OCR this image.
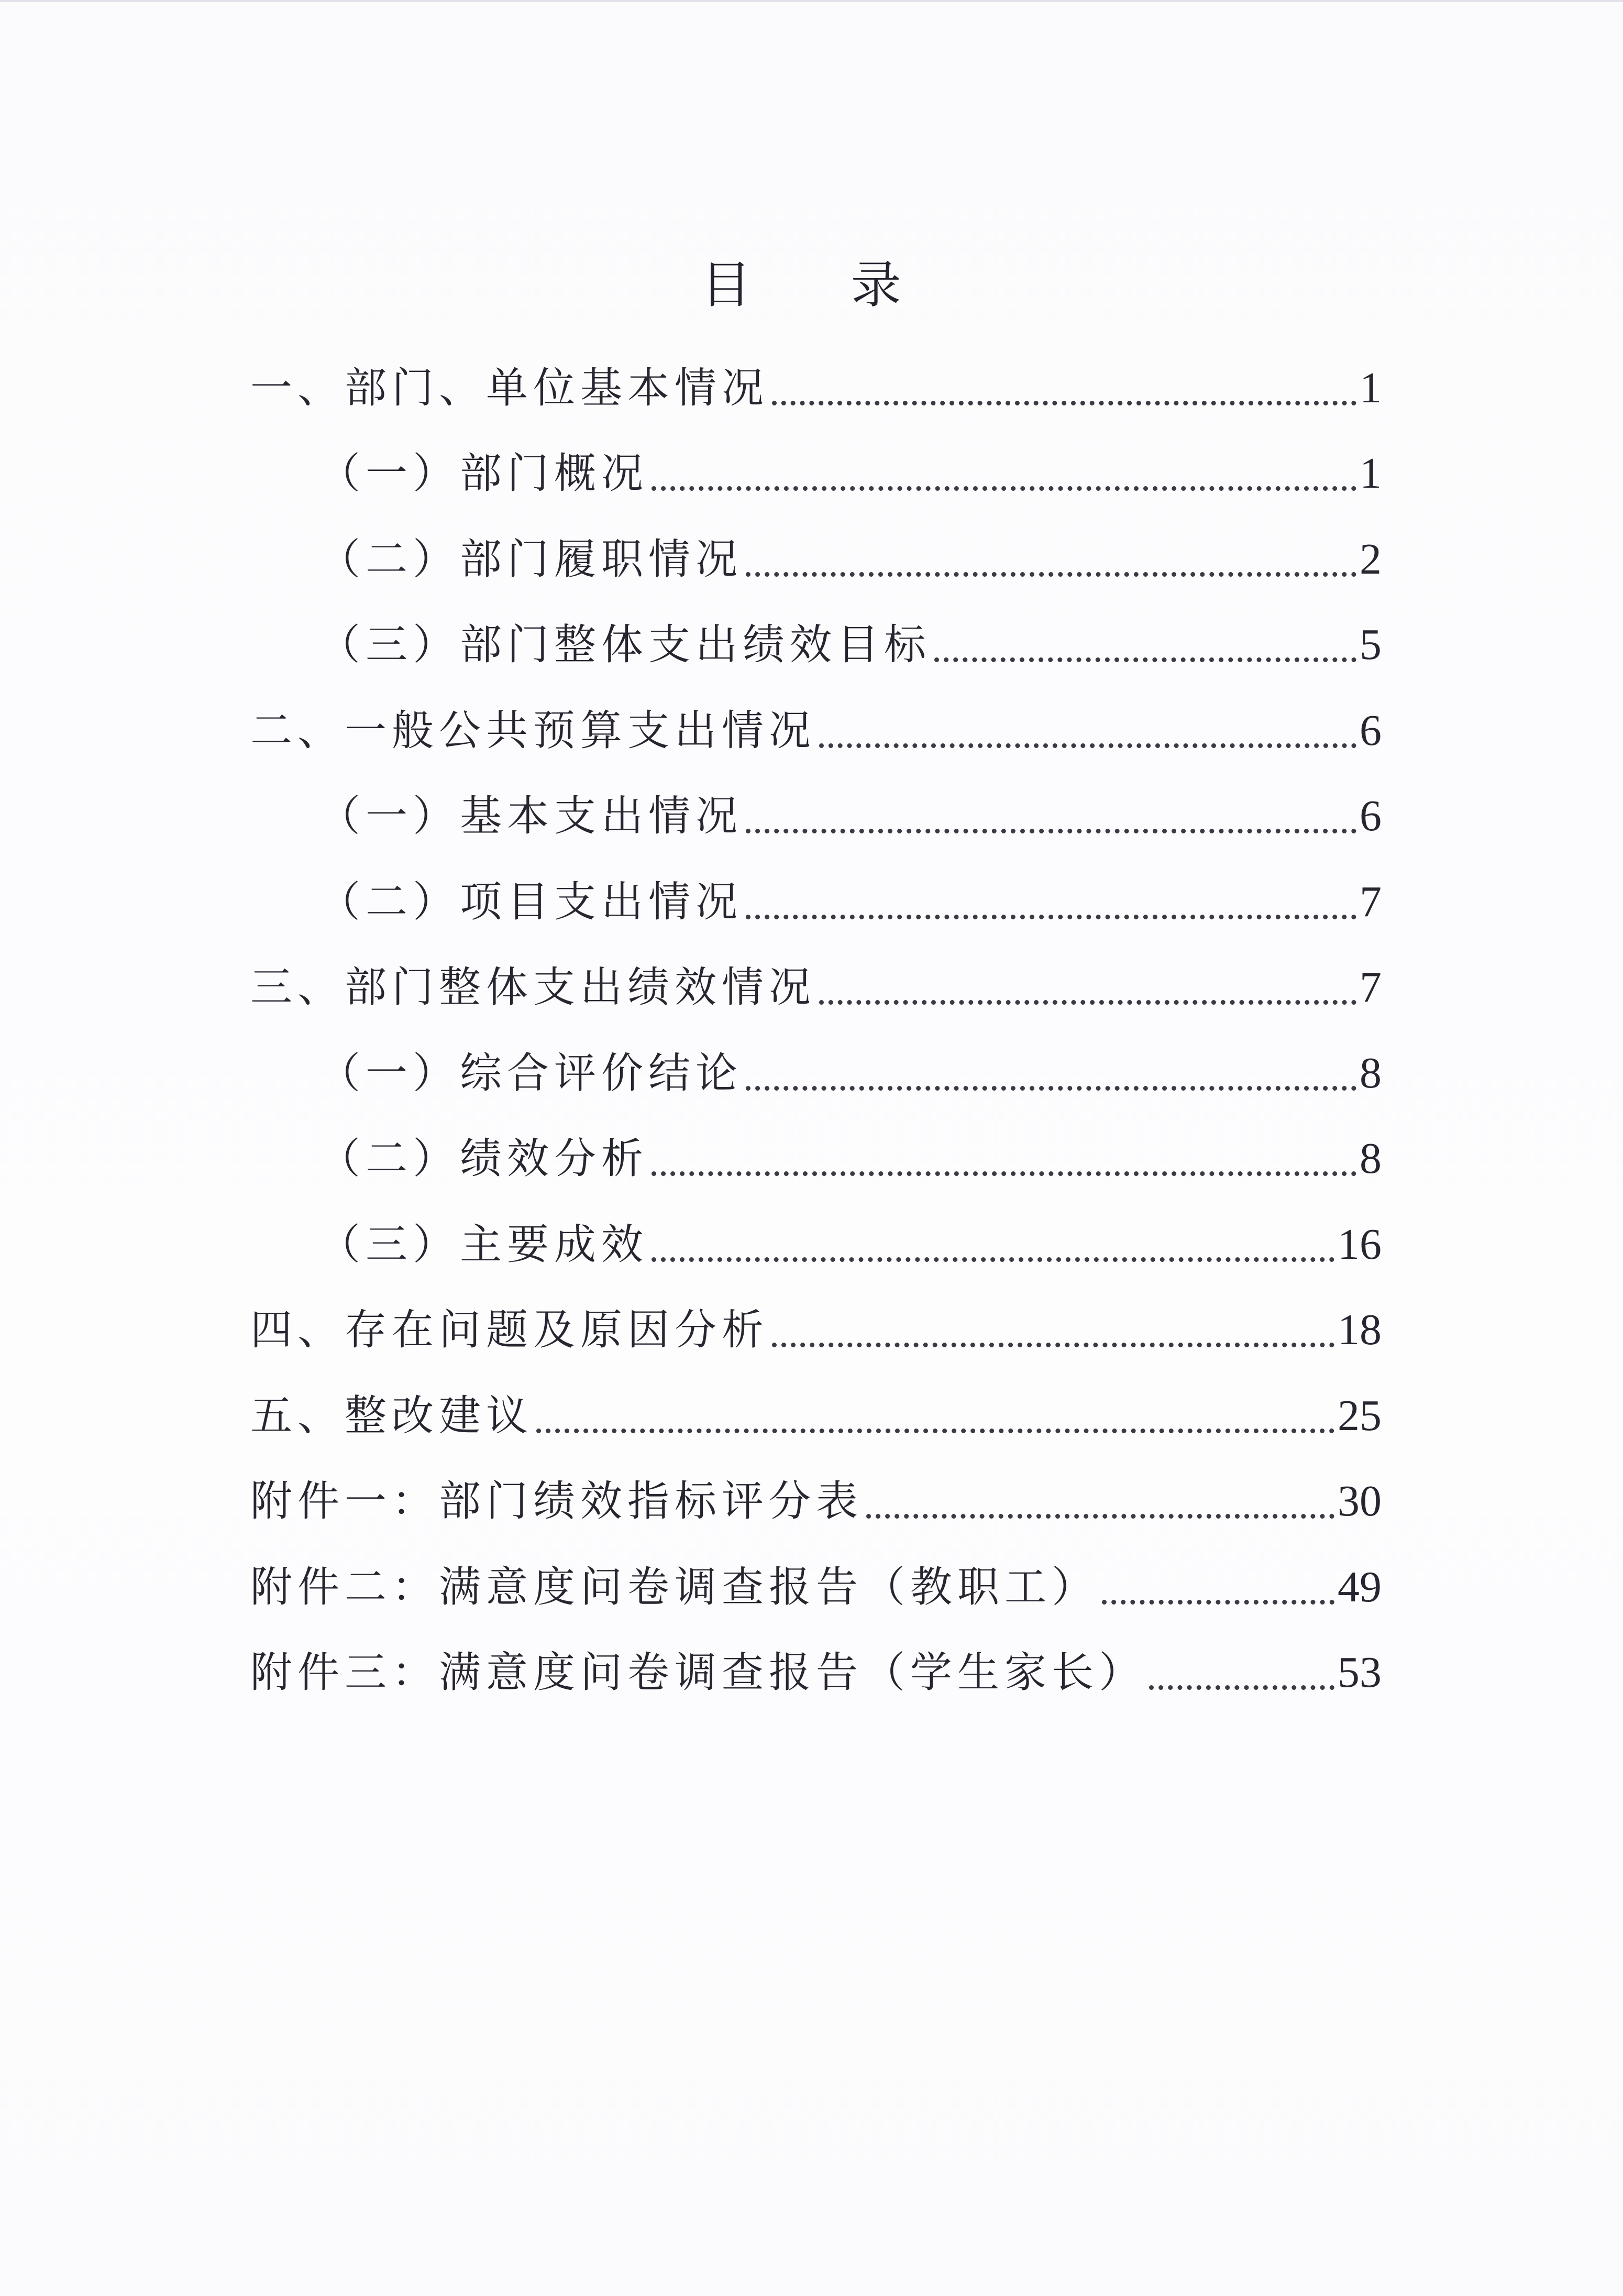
目 录
一、部门、单位基本情况	1
（一）部门概况	1
（二）部门履职情况	2
（三）部门整体支出绩效目标	5
二、一般公共预算支出情况	6
（一）基本支出情况	6
（二）项目支出情况	7
三、部门整体支出绩效情况	7
（一）综合评价结论	8
（二）绩效分析	8
（三）主要成效	16
四、存在问题及原因分析	18
五、整改建议	25
附件一：部门绩效指标评分表	30
附件二：满意度问卷调查报告（教职工）	49
附件三：满意度问卷调查报告（学生家长）	53
